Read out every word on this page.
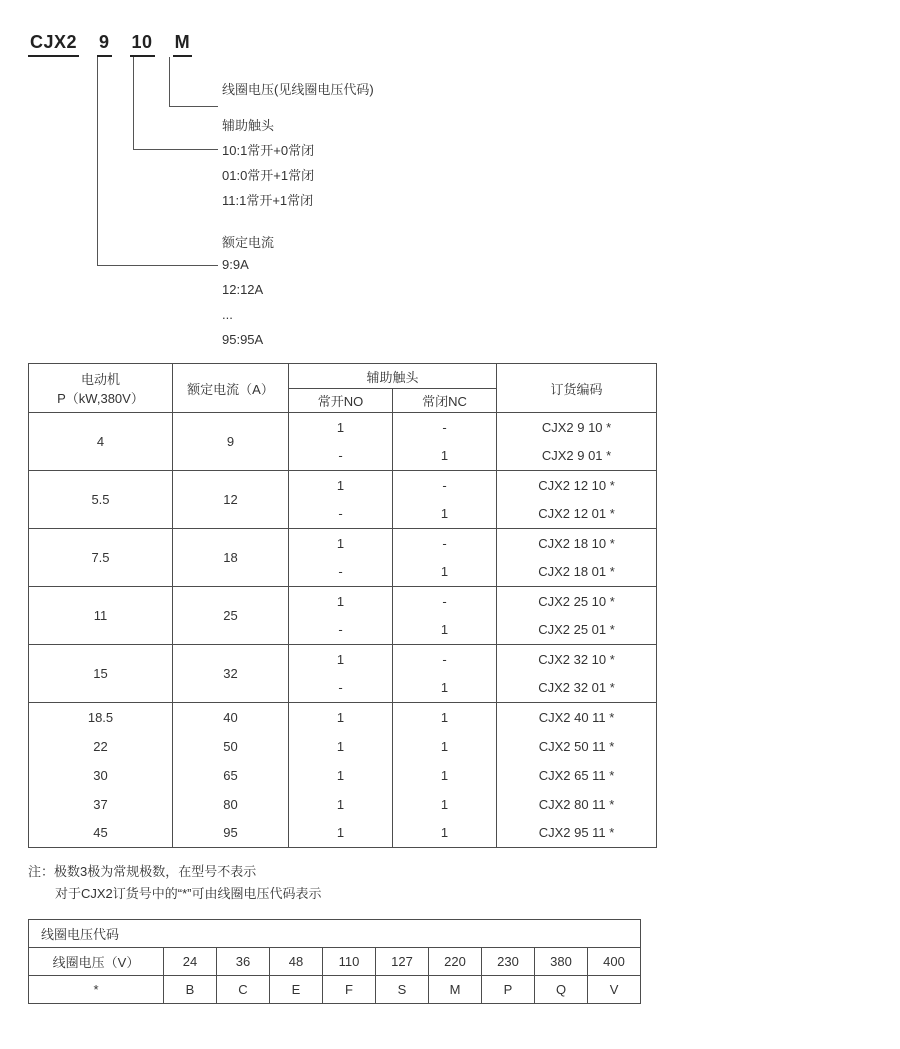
CJX2 9 10 M
线圈电压(见线圈电压代码)
辅助触头
10:1常开+0常闭
01:0常开+1常闭
11:1常开+1常闭
额定电流
9:9A
12:12A
...
95:95A
电动机
P（kW,380V）	额定电流（A）	辅助触头		订货编码
		常开NO	常闭NC	
4	9	1	-	CJX2 9 10 *
		-	1	CJX2 9 01 *
5.5	12	1	-	CJX2 12 10 *
		-	1	CJX2 12 01 *
7.5	18	1	-	CJX2 18 10 *
		-	1	CJX2 18 01 *
11	25	1	-	CJX2 25 10 *
		-	1	CJX2 25 01 *
15	32	1	-	CJX2 32 10 *
		-	1	CJX2 32 01 *
18.5	40	1	1	CJX2 40 11 *
22	50	1	1	CJX2 50 11 *
30	65	1	1	CJX2 65 11 *
37	80	1	1	CJX2 80 11 *
45	95	1	1	CJX2 95 11 *
注：极数3极为常规极数，在型号不表示
对于CJX2订货号中的“*”可由线圈电压代码表示
线圈电压代码									
线圈电压（V）	24	36	48	110	127	220	230	380	400
*	B	C	E	F	S	M	P	Q	V
